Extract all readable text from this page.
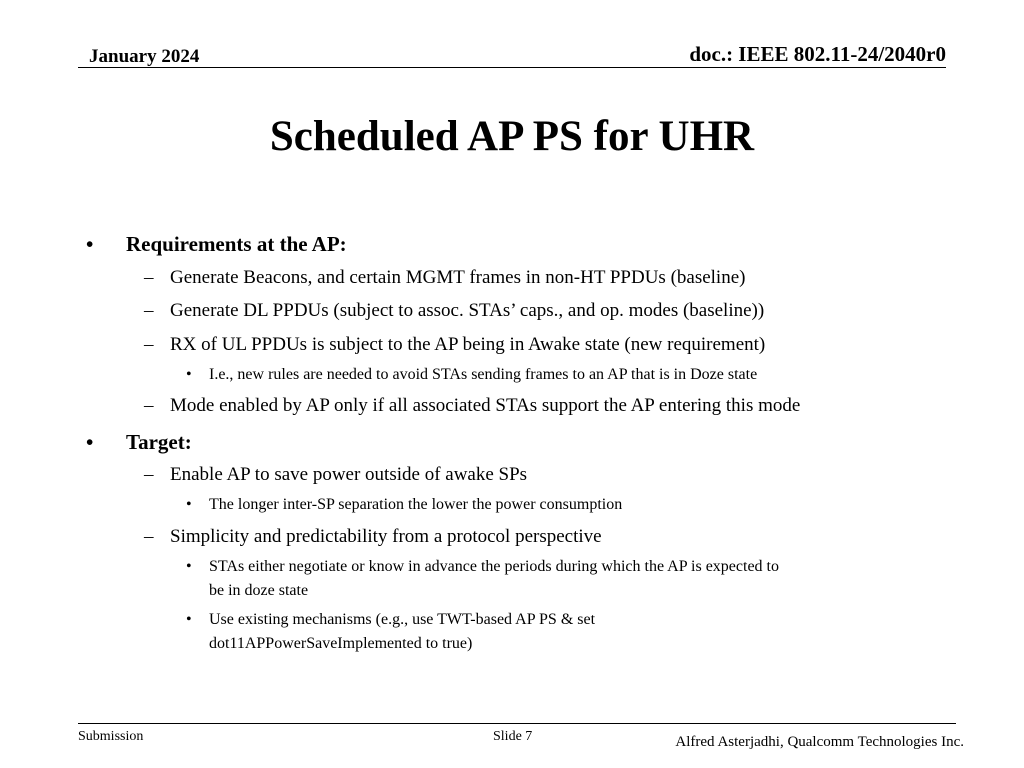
January 2024	doc.: IEEE 802.11-24/2040r0
Scheduled AP PS for UHR
• Requirements at the AP:
– Generate Beacons, and certain MGMT frames in non-HT PPDUs (baseline)
– Generate DL PPDUs (subject to assoc. STAs’ caps., and op. modes (baseline))
– RX of UL PPDUs is subject to the AP being in Awake state (new requirement)
• I.e., new rules are needed to avoid STAs sending frames to an AP that is in Doze state
– Mode enabled by AP only if all associated STAs support the AP entering this mode
• Target:
– Enable AP to save power outside of awake SPs
• The longer inter-SP separation the lower the power consumption
– Simplicity and predictability from a protocol perspective
• STAs either negotiate or know in advance the periods during which the AP is expected to
be in doze state
• Use existing mechanisms (e.g., use TWT-based AP PS & set
dot11APPowerSaveImplemented to true)
Submission	Slide 7	Alfred Asterjadhi, Qualcomm Technologies Inc.
